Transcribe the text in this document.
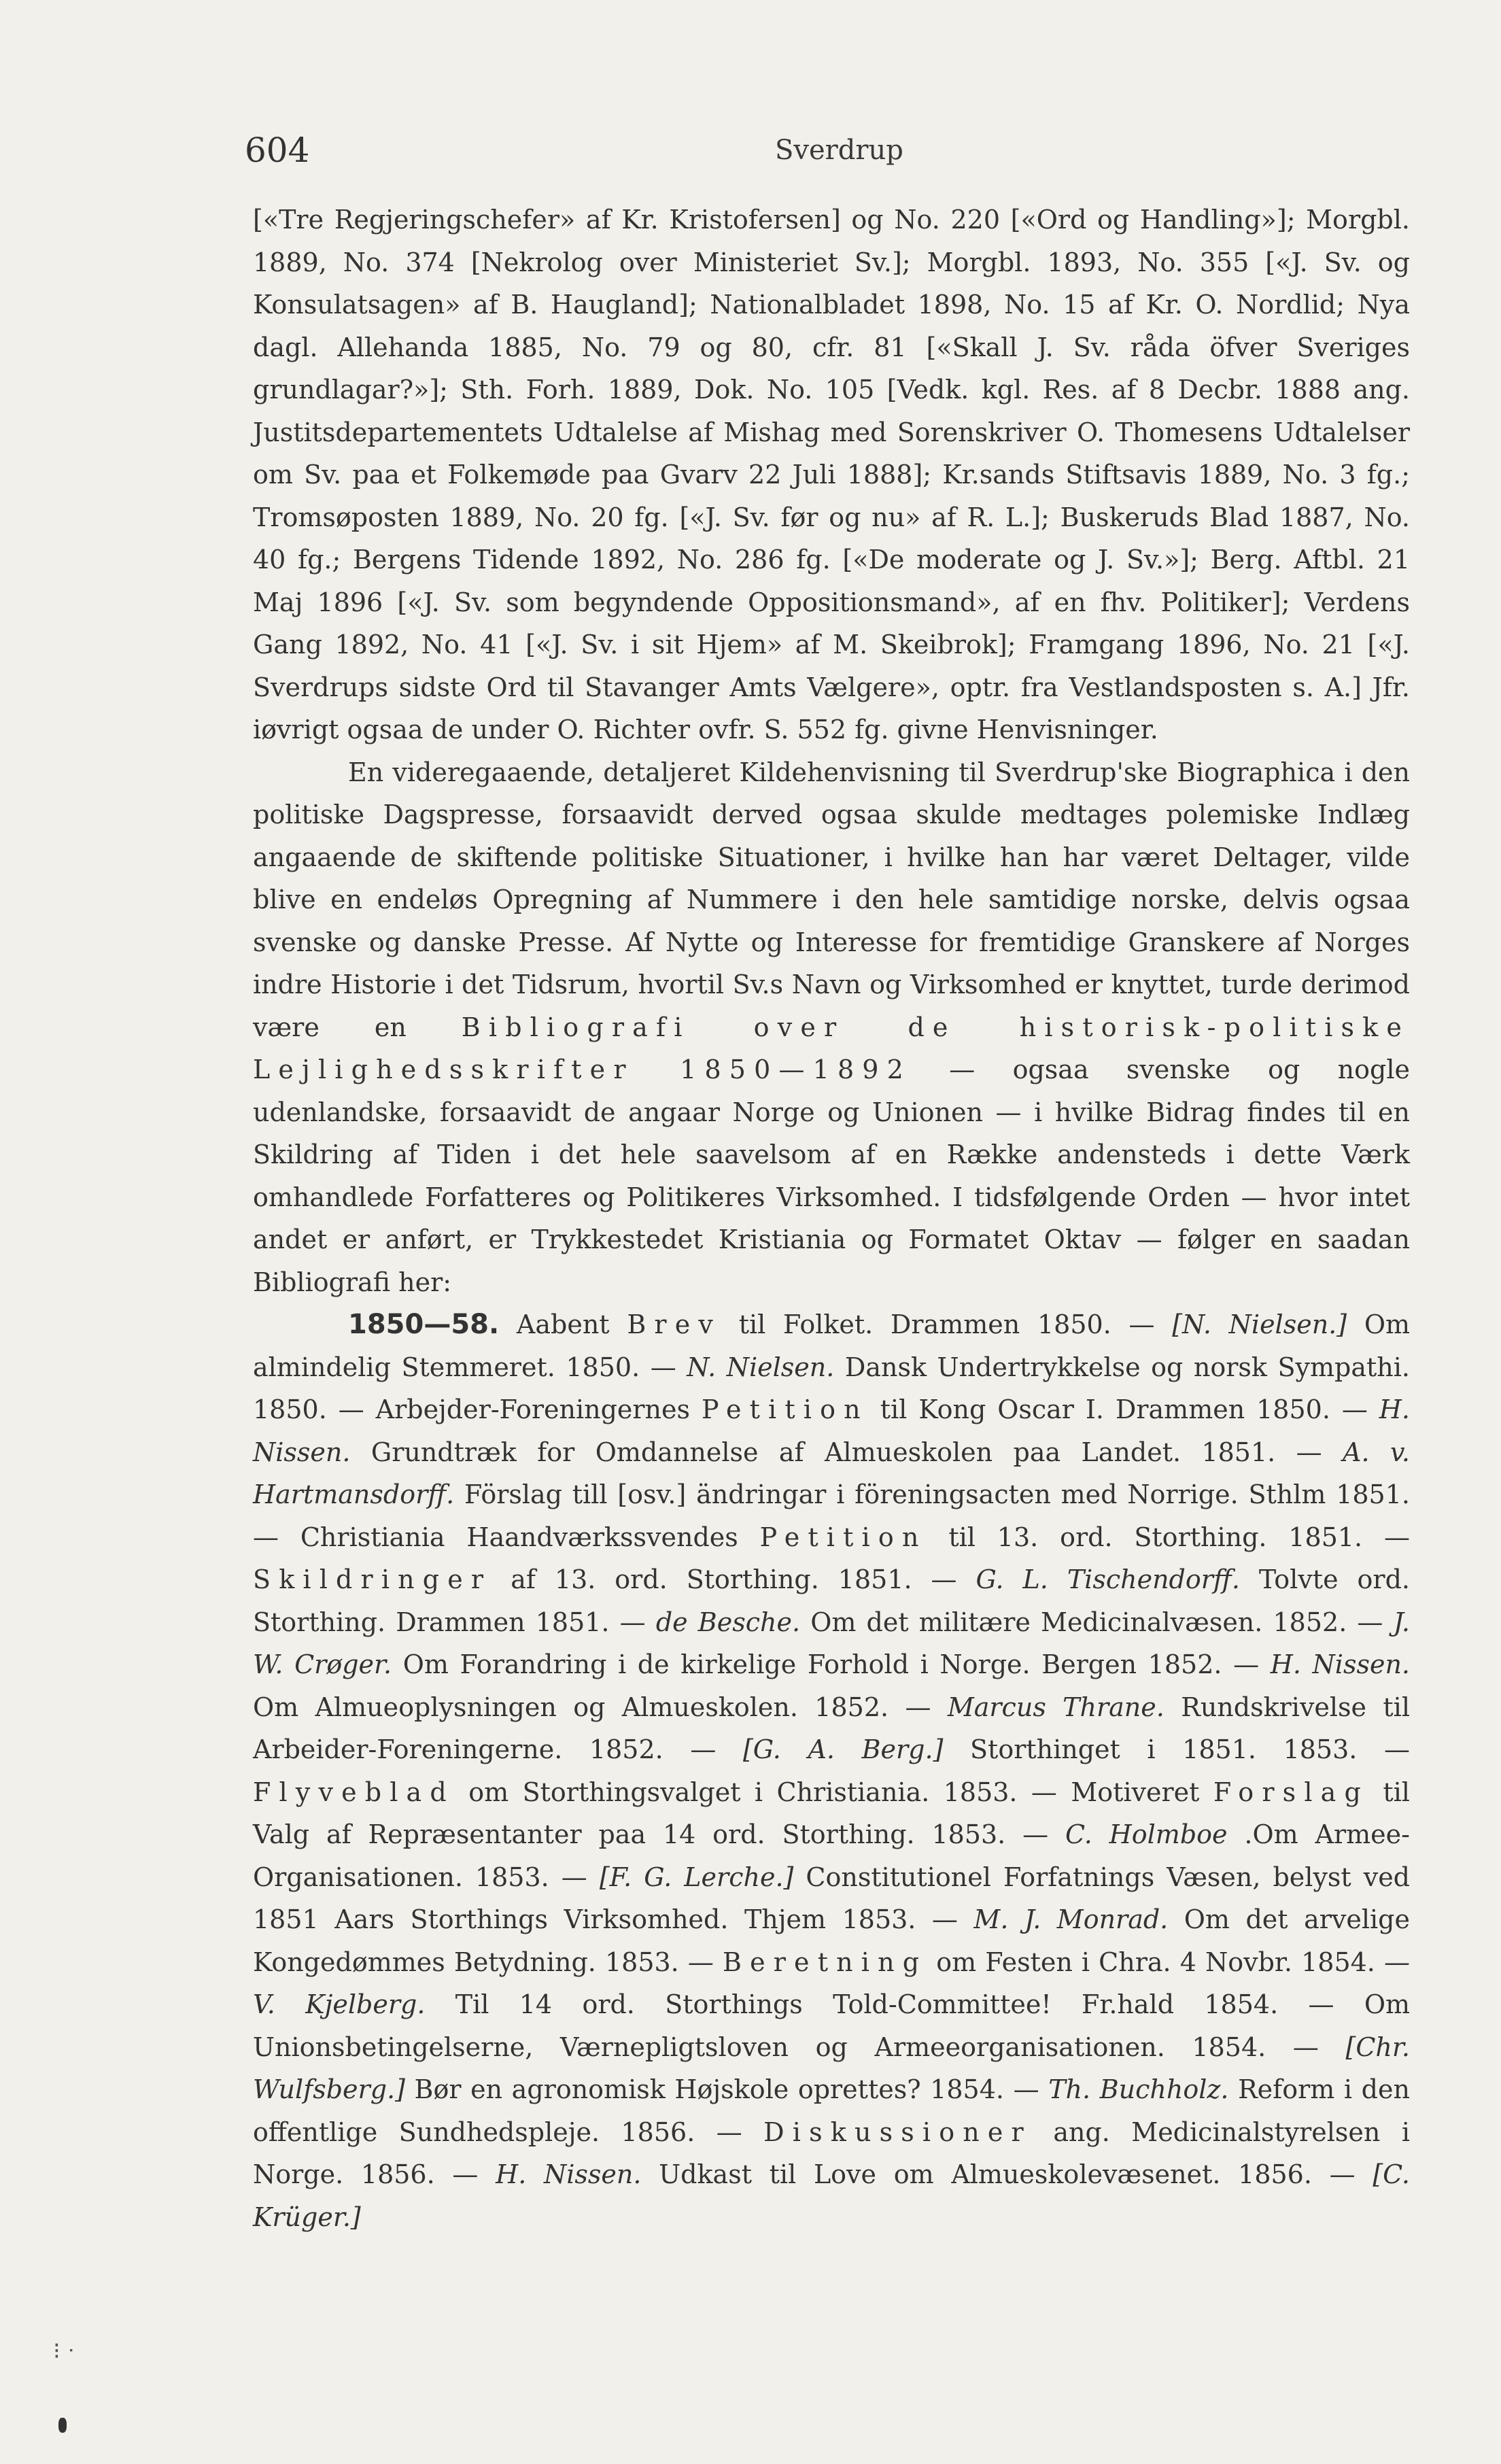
604	Sverdrup

[«Tre Regjeringschefer» af Kr. Kristofersen] og No. 220 [«Ord og Handling»]; Morgbl. 1889, No. 374 [Nekrolog over Ministeriet Sv.]; Morgbl. 1893, No. 355 [«J. Sv. og Konsulatsagen» af B. Haugland]; Nationalbladet 1898, No. 15 af Kr. O. Nordlid; Nya dagl. Allehanda 1885, No. 79 og 80, cfr. 81 [«Skall J. Sv. råda öfver Sveriges grundlagar?»]; Sth. Forh. 1889, Dok. No. 105 [Vedk. kgl. Res. af 8 Decbr. 1888 ang. Justitsdepartementets Udtalelse af Mishag med Sorenskriver O. Thomesens Udtalelser om Sv. paa et Folkemøde paa Gvarv 22 Juli 1888]; Kr.sands Stiftsavis 1889, No. 3 fg.; Tromsøposten 1889, No. 20 fg. [«J. Sv. før og nu» af R. L.]; Buskeruds Blad 1887, No. 40 fg.; Bergens Tidende 1892, No. 286 fg. [«De moderate og J. Sv.»]; Berg. Aftbl. 21 Maj 1896 [«J. Sv. som begyndende Oppositionsmand», af en fhv. Politiker]; Verdens Gang 1892, No. 41 [«J. Sv. i sit Hjem» af M. Skeibrok]; Framgang 1896, No. 21 [«J. Sverdrups sidste Ord til Stavanger Amts Vælgere», optr. fra Vestlandsposten s. A.] Jfr. iøvrigt ogsaa de under O. Richter ovfr. S. 552 fg. givne Henvisninger.

En videregaaende, detaljeret Kildehenvisning til Sverdrup'ske Biographica i den politiske Dagspresse, forsaavidt derved ogsaa skulde medtages polemiske Indlæg angaaende de skiftende politiske Situationer, i hvilke han har været Deltager, vilde blive en endeløs Opregning af Nummere i den hele samtidige norske, delvis ogsaa svenske og danske Presse. Af Nytte og Interesse for fremtidige Granskere af Norges indre Historie i det Tidsrum, hvortil Sv.s Navn og Virksomhed er knyttet, turde derimod være en Bibliografi over de historisk-politiske Lejlighedsskrifter 1850—1892 — ogsaa svenske og nogle udenlandske, forsaavidt de angaar Norge og Unionen — i hvilke Bidrag findes til en Skildring af Tiden i det hele saavelsom af en Række andensteds i dette Værk omhandlede Forfatteres og Politikeres Virksomhed. I tidsfølgende Orden — hvor intet andet er anført, er Trykkestedet Kristiania og Formatet Oktav — følger en saadan Bibliografi her:

1850—58. Aabent Brev til Folket. Drammen 1850. — [N. Nielsen.] Om almindelig Stemmeret. 1850. — N. Nielsen. Dansk Undertrykkelse og norsk Sympathi. 1850. — Arbejder-Foreningernes Petition til Kong Oscar I. Drammen 1850. — H. Nissen. Grundtræk for Omdannelse af Almueskolen paa Landet. 1851. — A. v. Hartmansdorff. Förslag till [osv.] ändringar i föreningsacten med Norrige. Sthlm 1851. — Christiania Haandværkssvendes Petition til 13. ord. Storthing. 1851. — Skildringer af 13. ord. Storthing. 1851. — G. L. Tischendorff. Tolvte ord. Storthing. Drammen 1851. — de Besche. Om det militære Medicinalvæsen. 1852. — J. W. Crøger. Om Forandring i de kirkelige Forhold i Norge. Bergen 1852. — H. Nissen. Om Almueoplysningen og Almueskolen. 1852. — Marcus Thrane. Rundskrivelse til Arbeider-Foreningerne. 1852. — [G. A. Berg.] Storthinget i 1851. 1853. — Flyveblad om Storthingsvalget i Christiania. 1853. — Motiveret Forslag til Valg af Repræsentanter paa 14 ord. Storthing. 1853. — C. Holmboe .Om Armee-Organisationen. 1853. — [F. G. Lerche.] Constitutionel Forfatnings Væsen, belyst ved 1851 Aars Storthings Virksomhed. Thjem 1853. — M. J. Monrad. Om det arvelige Kongedømmes Betydning. 1853. — Beretning om Festen i Chra. 4 Novbr. 1854. — V. Kjelberg. Til 14 ord. Storthings Told-Committee! Fr.hald 1854. — Om Unionsbetingelserne, Værnepligtsloven og Armeeorganisationen. 1854. — [Chr. Wulfsberg.] Bør en agronomisk Højskole oprettes? 1854. — Th. Buchholz. Reform i den offentlige Sundhedspleje. 1856. — Diskussioner ang. Medicinalstyrelsen i Norge. 1856. — H. Nissen. Udkast til Love om Almueskolevæsenet. 1856. — [C. Krüger.]

⁝ ᐧ
